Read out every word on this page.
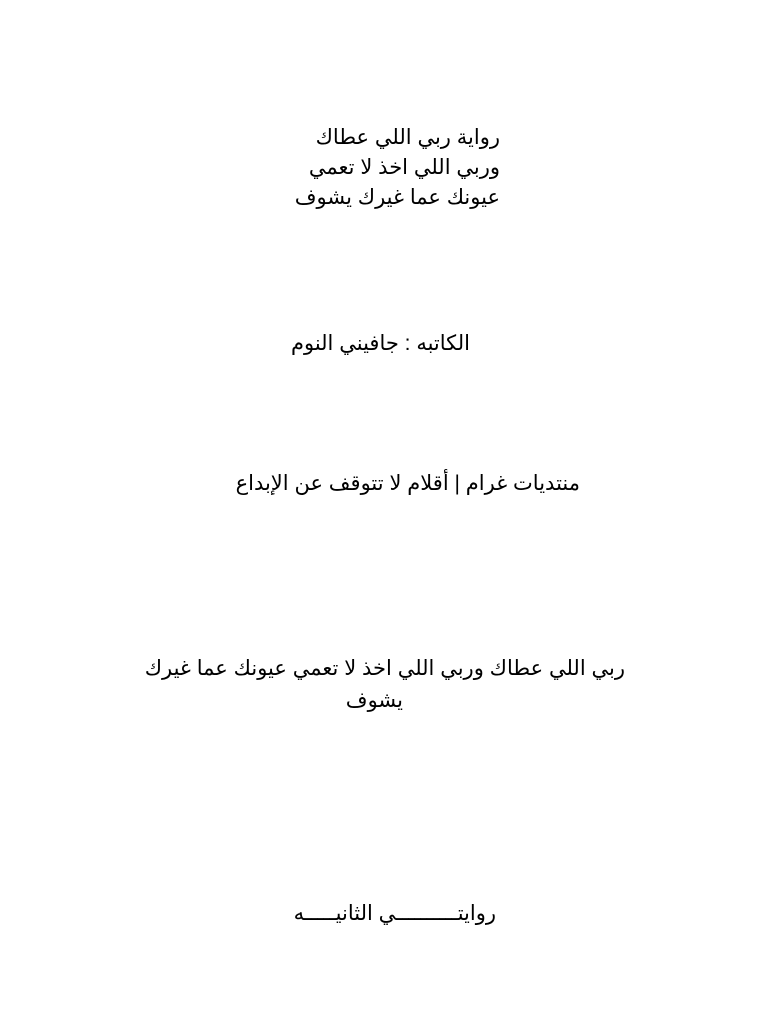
رواية ربي اللي عطاك
وربي اللي اخذ لا تعمي
عيونك عما غيرك يشوف
الكاتبه : جافيني النوم
منتديات غرام | أقلام لا تتوقف عن الإبداع
ربي اللي عطاك وربي اللي اخذ لا تعمي عيونك عما غيرك
يشوف
روايتــــــــــي الثانيـــــه
